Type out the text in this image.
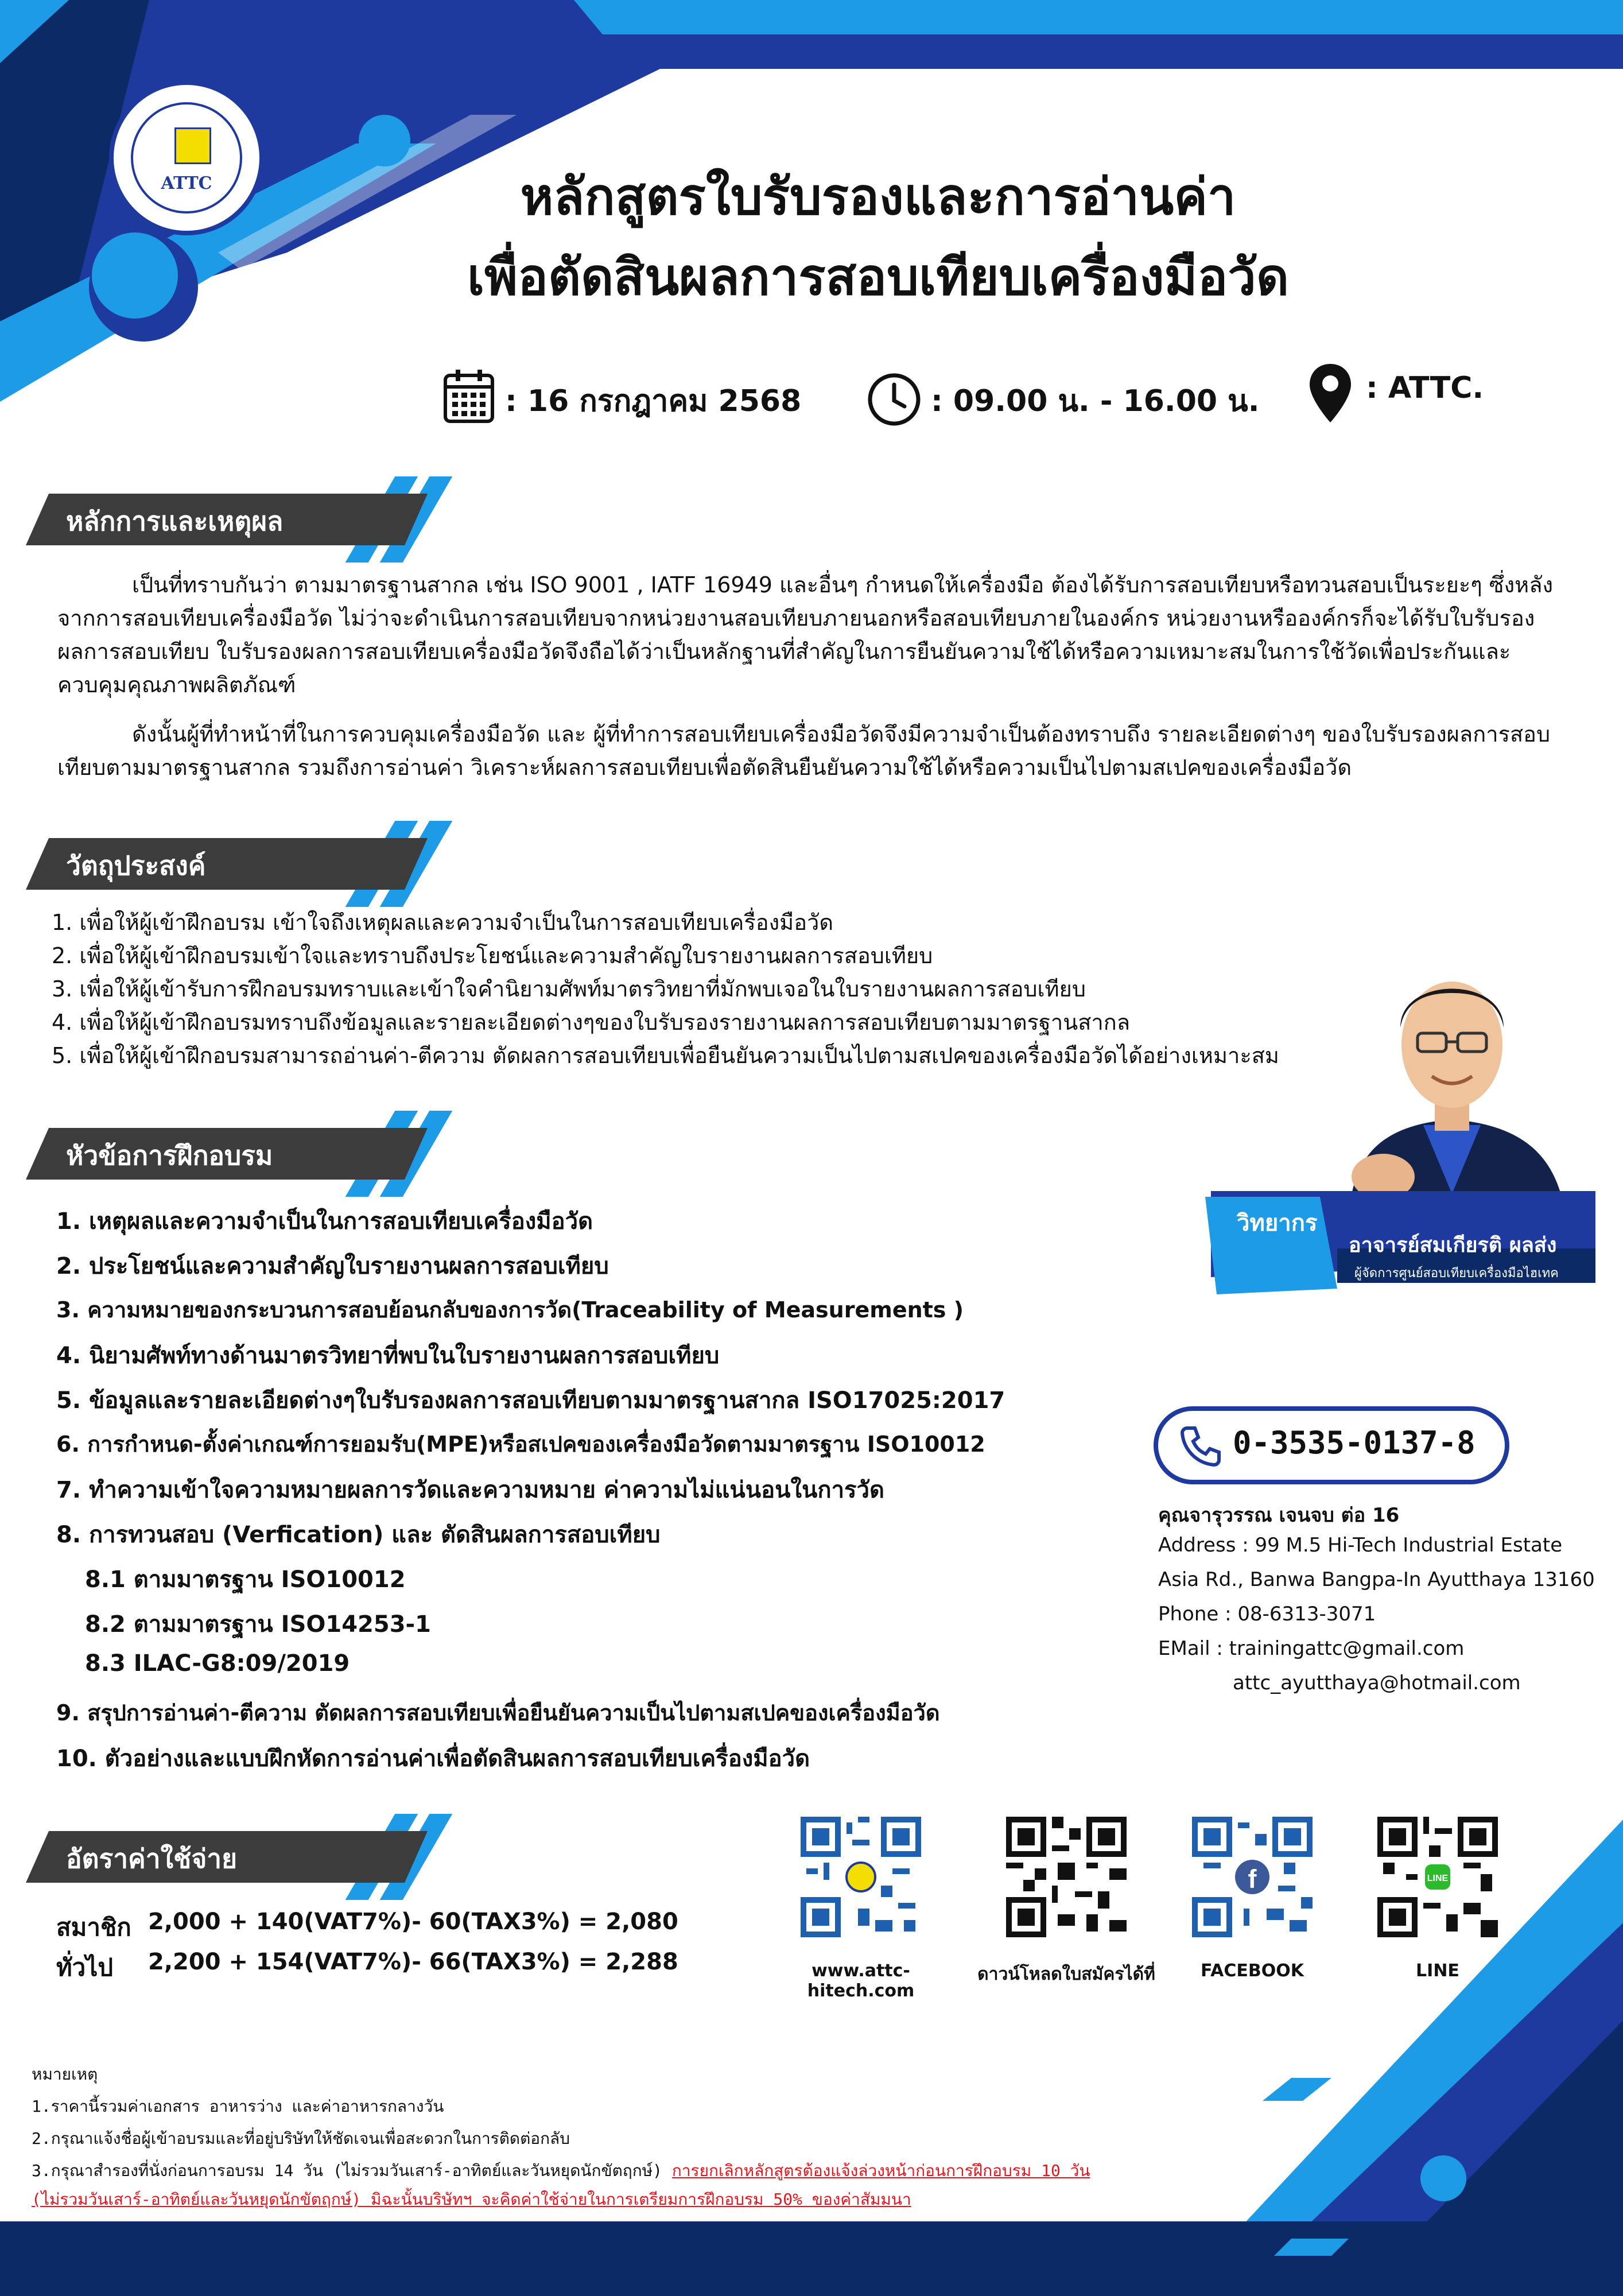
ATTC	หลักสูตรใบรับรองและการอ่านค่า
เพื่อตัดสินผลการสอบเทียบเครื่องมือวัด
: 16 กรกฎาคม 2568	: 09.00 น. - 16.00 น.	: ATTC.
หลักการและเหตุผล
เป็นที่ทราบกันว่า ตามมาตรฐานสากล เช่น ISO 9001 , IATF 16949 และอื่นๆ กำหนดให้เครื่องมือ ต้องได้รับการสอบเทียบหรือทวนสอบเป็นระยะๆ ซึ่งหลังจากการสอบเทียบเครื่องมือวัด ไม่ว่าจะดำเนินการสอบเทียบจากหน่วยงานสอบเทียบภายนอกหรือสอบเทียบภายในองค์กร หน่วยงานหรือองค์กรก็จะได้รับใบรับรองผลการสอบเทียบ ใบรับรองผลการสอบเทียบเครื่องมือวัดจึงถือได้ว่าเป็นหลักฐานที่สำคัญในการยืนยันความใช้ได้หรือความเหมาะสมในการใช้วัดเพื่อประกันและควบคุมคุณภาพผลิตภัณฑ์
ดังนั้นผู้ที่ทำหน้าที่ในการควบคุมเครื่องมือวัด และ ผู้ที่ทำการสอบเทียบเครื่องมือวัดจึงมีความจำเป็นต้องทราบถึง รายละเอียดต่างๆ ของใบรับรองผลการสอบเทียบตามมาตรฐานสากล รวมถึงการอ่านค่า วิเคราะห์ผลการสอบเทียบเพื่อตัดสินยืนยันความใช้ได้หรือความเป็นไปตามสเปคของเครื่องมือวัด
วัตถุประสงค์
1. เพื่อให้ผู้เข้าฝึกอบรม เข้าใจถึงเหตุผลและความจำเป็นในการสอบเทียบเครื่องมือวัด
2. เพื่อให้ผู้เข้าฝึกอบรมเข้าใจและทราบถึงประโยชน์และความสำคัญใบรายงานผลการสอบเทียบ
3. เพื่อให้ผู้เข้ารับการฝึกอบรมทราบและเข้าใจคำนิยามศัพท์มาตรวิทยาที่มักพบเจอในใบรายงานผลการสอบเทียบ
4. เพื่อให้ผู้เข้าฝึกอบรมทราบถึงข้อมูลและรายละเอียดต่างๆของใบรับรองรายงานผลการสอบเทียบตามมาตรฐานสากล
5. เพื่อให้ผู้เข้าฝึกอบรมสามารถอ่านค่า-ตีความ ตัดผลการสอบเทียบเพื่อยืนยันความเป็นไปตามสเปคของเครื่องมือวัดได้อย่างเหมาะสม
วิทยากร
อาจารย์สมเกียรติ ผลส่ง
ผู้จัดการศูนย์สอบเทียบเครื่องมือไฮเทค
หัวข้อการฝึกอบรม
1. เหตุผลและความจำเป็นในการสอบเทียบเครื่องมือวัด
2. ประโยชน์และความสำคัญใบรายงานผลการสอบเทียบ
3. ความหมายของกระบวนการสอบย้อนกลับของการวัด(Traceability of Measurements )
4. นิยามศัพท์ทางด้านมาตรวิทยาที่พบในใบรายงานผลการสอบเทียบ
5. ข้อมูลและรายละเอียดต่างๆใบรับรองผลการสอบเทียบตามมาตรฐานสากล ISO17025:2017
6. การกำหนด-ตั้งค่าเกณฑ์การยอมรับ(MPE)หรือสเปคของเครื่องมือวัดตามมาตรฐาน ISO10012
7. ทำความเข้าใจความหมายผลการวัดและความหมาย ค่าความไม่แน่นอนในการวัด
8. การทวนสอบ (Verfication) และ ตัดสินผลการสอบเทียบ
8.1 ตามมาตรฐาน ISO10012
8.2 ตามมาตรฐาน ISO14253-1
8.3 ILAC-G8:09/2019
9. สรุปการอ่านค่า-ตีความ ตัดผลการสอบเทียบเพื่อยืนยันความเป็นไปตามสเปคของเครื่องมือวัด
10. ตัวอย่างและแบบฝึกหัดการอ่านค่าเพื่อตัดสินผลการสอบเทียบเครื่องมือวัด
0-3535-0137-8
คุณจารุวรรณ เจนจบ ต่อ 16
Address : 99 M.5 Hi-Tech Industrial Estate
Asia Rd., Banwa Bangpa-In Ayutthaya 13160
Phone : 08-6313-3071
EMail : trainingattc@gmail.com
attc_ayutthaya@hotmail.com
อัตราค่าใช้จ่าย
สมาชิก 2,000 + 140(VAT7%)- 60(TAX3%) = 2,080
ทั่วไป 2,200 + 154(VAT7%)- 66(TAX3%) = 2,288	www.attc-hitech.com
ดาวน์โหลดใบสมัครได้ที่
f
FACEBOOK
LINE
LINE
หมายเหตุ
1.ราคานี้รวมค่าเอกสาร อาหารว่าง และค่าอาหารกลางวัน
2.กรุณาแจ้งชื่อผู้เข้าอบรมและที่อยู่บริษัทให้ชัดเจนเพื่อสะดวกในการติดต่อกลับ
3.กรุณาสำรองที่นั่งก่อนการอบรม 14 วัน (ไม่รวมวันเสาร์-อาทิตย์และวันหยุดนักขัตฤกษ์) การยกเลิกหลักสูตรต้องแจ้งล่วงหน้าก่อนการฝึกอบรม 10 วัน
(ไม่รวมวันเสาร์-อาทิตย์และวันหยุดนักขัตฤกษ์) มิฉะนั้นบริษัทฯ จะคิดค่าใช้จ่ายในการเตรียมการฝึกอบรม 50% ของค่าสัมมนา
